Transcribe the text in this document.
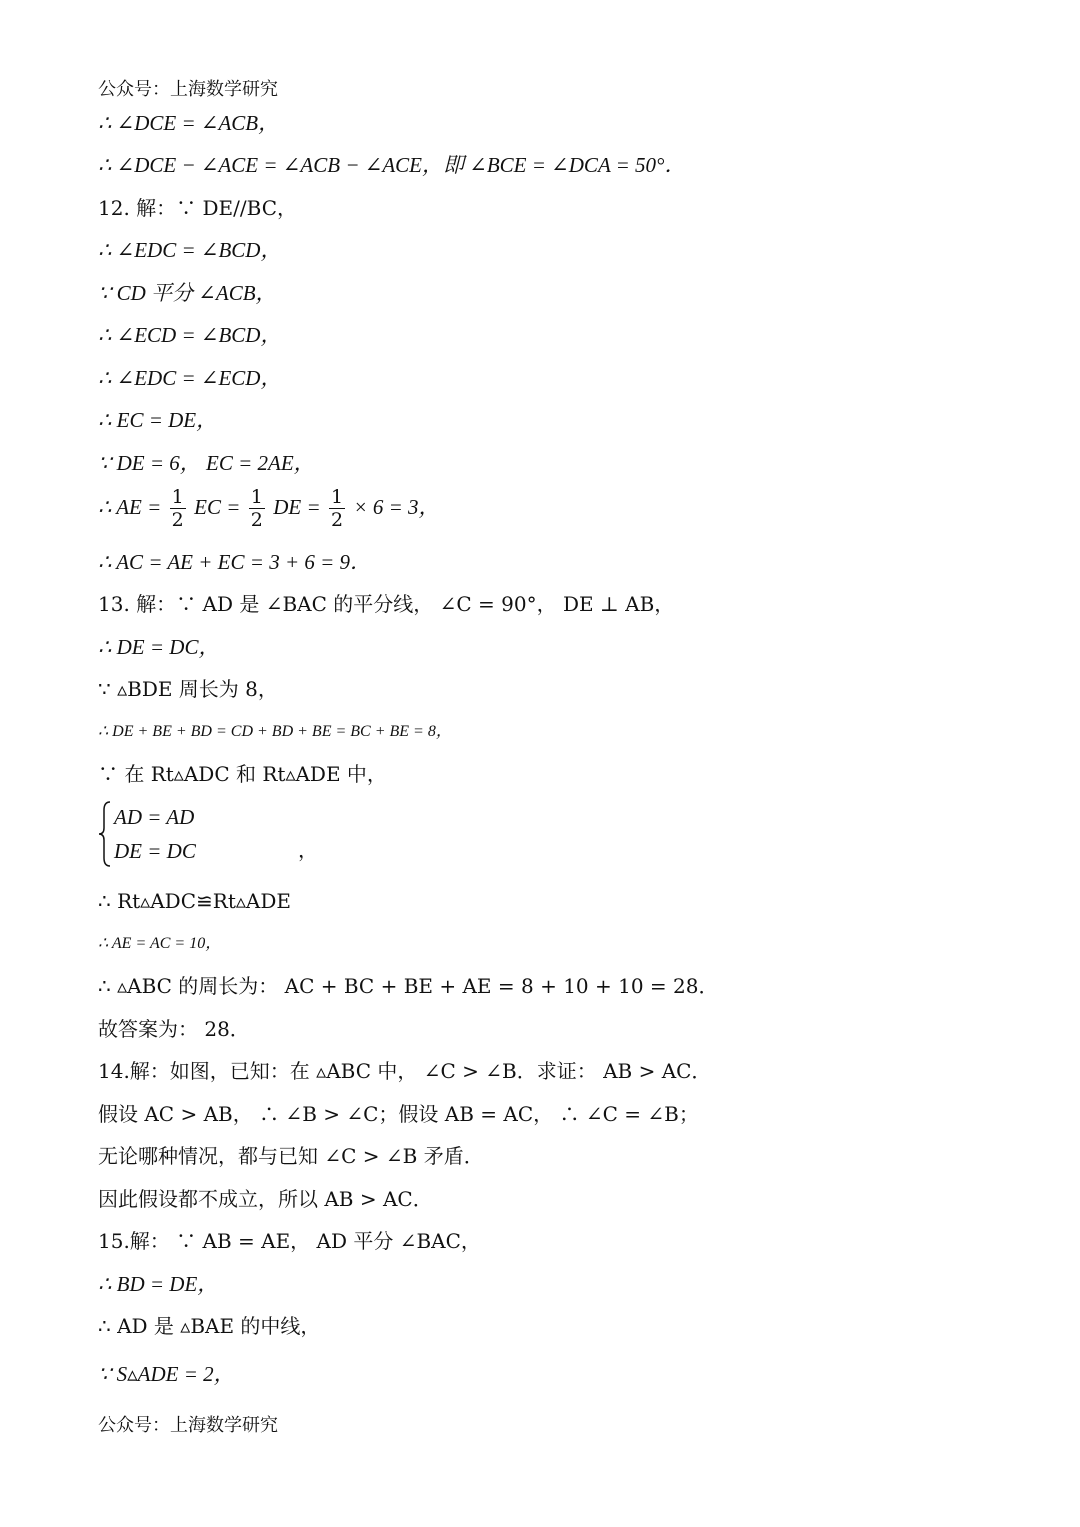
公众号：上海数学研究
∴ ∠DCE = ∠ACB，
∴ ∠DCE − ∠ACE = ∠ACB − ∠ACE，即 ∠BCE = ∠DCA = 50°．
12. 解：∵ DE//BC，
∴ ∠EDC = ∠BCD，
∵ CD 平分 ∠ACB，
∴ ∠ECD = ∠BCD，
∴ ∠EDC = ∠ECD，
∴ EC = DE，
∵ DE = 6， EC = 2AE，
∴ AE = $\frac{1}{2}$ EC = $\frac{1}{2}$ DE = $\frac{1}{2} \times 6 = 3$，
∴ AC = AE + EC = 3 + 6 = 9．
13. 解：∵ AD 是 ∠BAC 的平分线， ∠C = 90°， DE ⊥ AB，
∴ DE = DC，
∵ ▵BDE 周长为 8，
∴ DE + BE + BD = CD + BD + BE = BC + BE = 8，
∵ 在 Rt▵ADC 和 Rt▵ADE 中，
AD = AD
DE = DC	，
∴ Rt▵ADC≌Rt▵ADE
∴ AE = AC = 10，
∴ ▵ABC 的周长为： AC + BC + BE + AE = 8 + 10 + 10 = 28．
故答案为： 28．
14.解：如图，已知：在 ▵ABC 中， ∠C > ∠B．求证： AB > AC．
假设 AC > AB， ∴ ∠B > ∠C；假设 AB = AC， ∴ ∠C = ∠B；
无论哪种情况，都与已知 ∠C > ∠B 矛盾．
因此假设都不成立，所以 AB > AC．
15.解： ∵ AB = AE， AD 平分 ∠BAC，
∴ BD = DE，
∴ AD 是 ▵BAE 的中线，
∵ S▵ADE = 2，
公众号：上海数学研究
